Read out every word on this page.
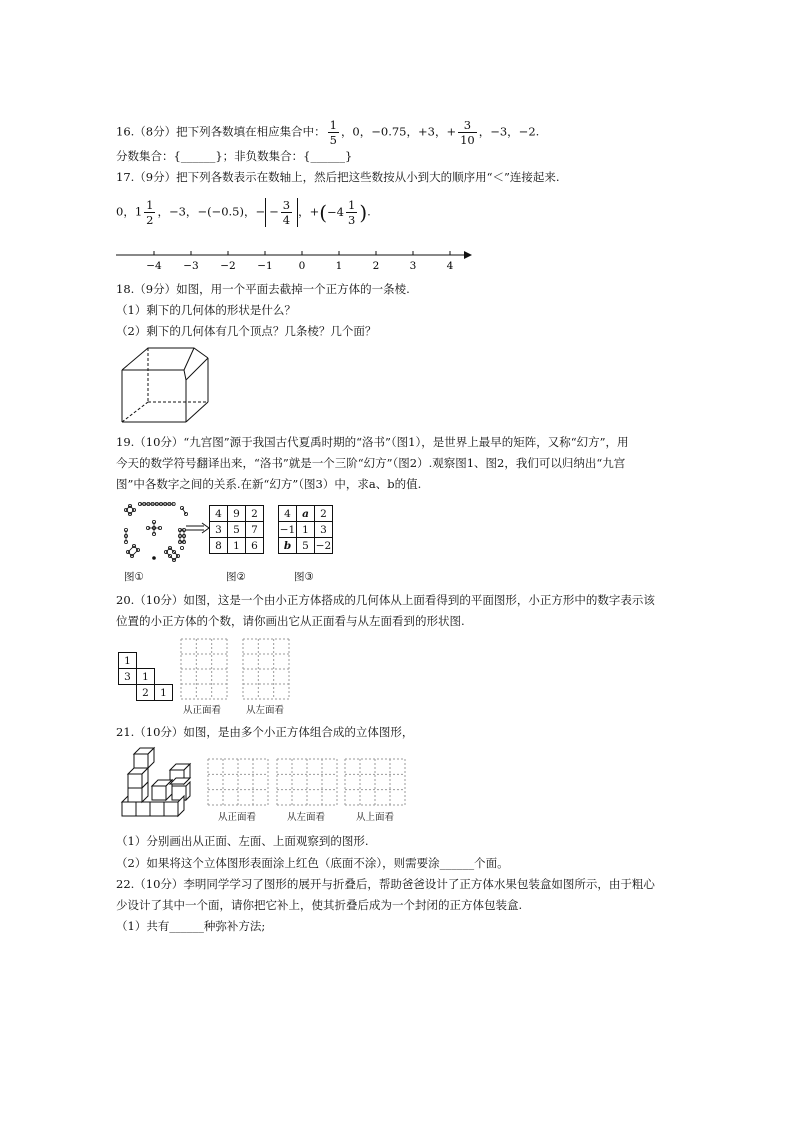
16.（8分）把下列各数填在相应集合中： $\frac{1}{5}$ ，0，−0.75，+3，+ $\frac{3}{10}$ ，−3，−2.
分数集合：{______}；非负数集合：{______}
17.（9分）把下列各数表示在数轴上，然后把这些数按从小到大的顺序用“＜”连接起来.
0，$1 \frac{1}{2}$ ，−3，−(−0.5)，− − $\frac{3}{4}$ ，$+(-4 \frac{1}{3}$ ).
−4 −3 −2 −1 0	1	2	3	4
18.（9分）如图，用一个平面去截掉一个正方体的一条棱.
（1）剩下的几何体的形状是什么？
（2）剩下的几何体有几个顶点？几条棱？几个面？
19.（10分）“九宫图”源于我国古代夏禹时期的“洛书”（图1），是世界上最早的矩阵，又称“幻方”，用
今天的数学符号翻译出来，“洛书”就是一个三阶“幻方”（图2）.观察图1、图2，我们可以归纳出“九宫
图”中各数字之间的关系.在新“幻方”（图3）中，求a、b的值.
4	9	2
3	5	7
8	1	6
4	a	2
−1	1	3
b	5	−2
图①	图②	图③
20.（10分）如图，这是一个由小正方体搭成的几何体从上面看得到的平面图形，小正方形中的数字表示该
位置的小正方体的个数，请你画出它从正面看与从左面看到的形状图.
1		
3	1	
	2	1
从正面看	从左面看
21.（10分）如图，是由多个小正方体组合成的立体图形，
从正面看	从左面看	从上面看
（1）分别画出从正面、左面、上面观察到的图形.
（2）如果将这个立体图形表面涂上红色（底面不涂），则需要涂______个面。
22.（10分）李明同学学习了图形的展开与折叠后，帮助爸爸设计了正方体水果包装盒如图所示，由于粗心
少设计了其中一个面，请你把它补上，使其折叠后成为一个封闭的正方体包装盒.
（1）共有______种弥补方法;
